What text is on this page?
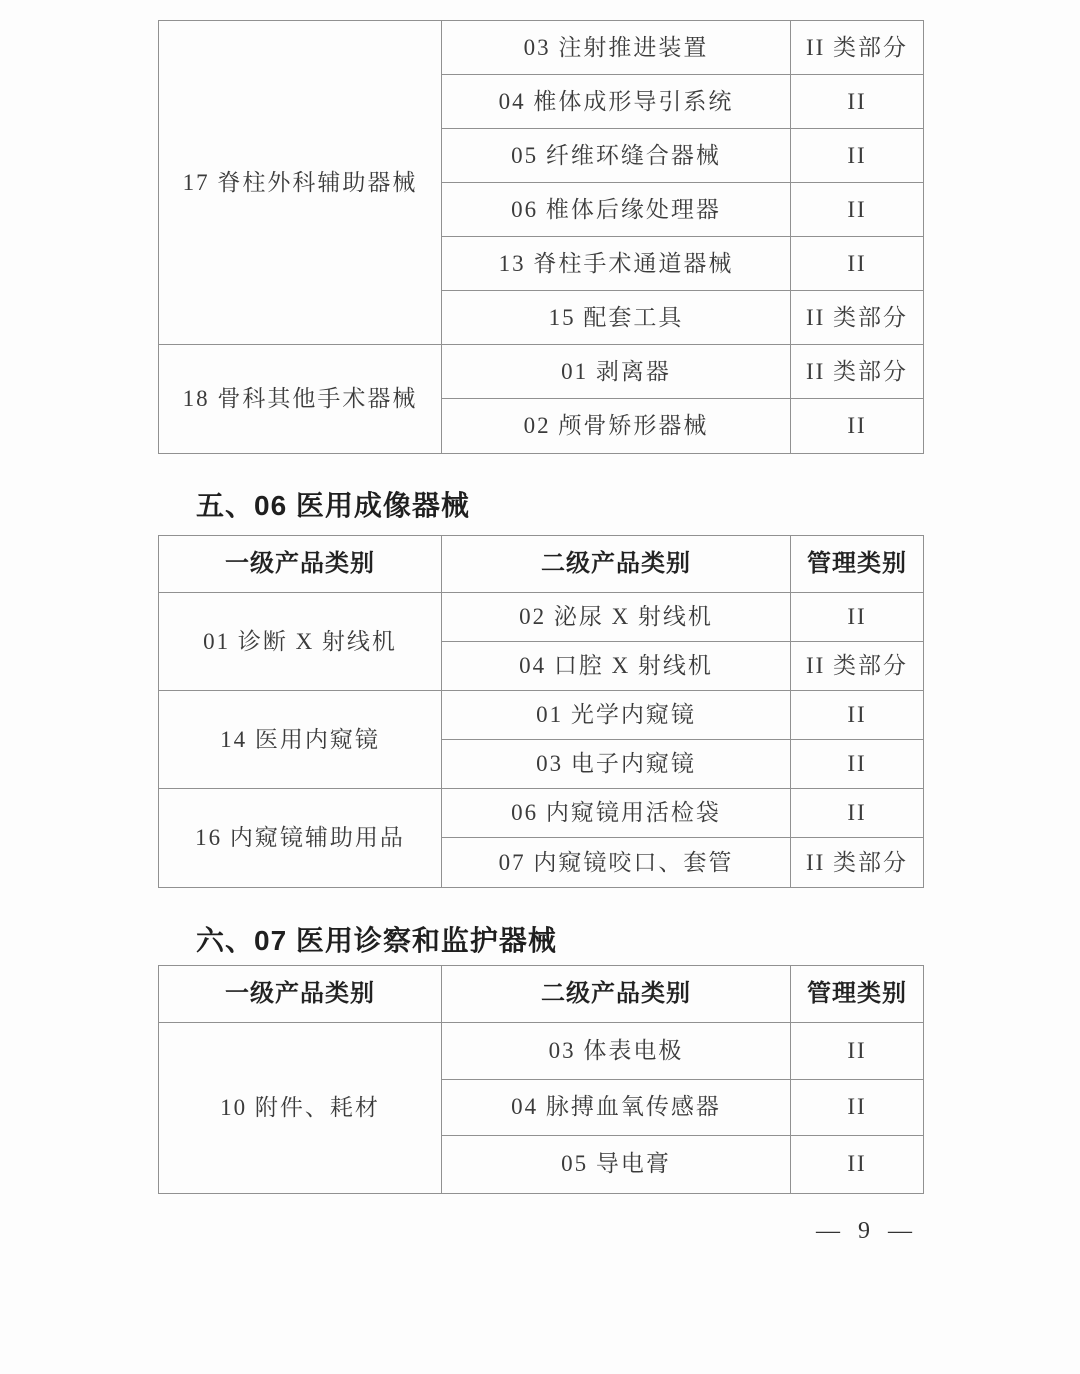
17 脊柱外科辅助器械
03 注射推进装置	II 类部分
04 椎体成形导引系统	II
05 纤维环缝合器械	II
06 椎体后缘处理器	II
13 脊柱手术通道器械	II
15 配套工具	II 类部分
18 骨科其他手术器械
01 剥离器	II 类部分
02 颅骨矫形器械	II
五、06 医用成像器械
一级产品类别	二级产品类别	管理类别
01 诊断 X 射线机
02 泌尿 X 射线机	II
04 口腔 X 射线机	II 类部分
14 医用内窥镜
01 光学内窥镜	II
03 电子内窥镜	II
16 内窥镜辅助用品
06 内窥镜用活检袋	II
07 内窥镜咬口、套管	II 类部分
六、07 医用诊察和监护器械
一级产品类别	二级产品类别	管理类别
10 附件、耗材
03 体表电极	II
04 脉搏血氧传感器	II
05 导电膏	II
— 9 —
